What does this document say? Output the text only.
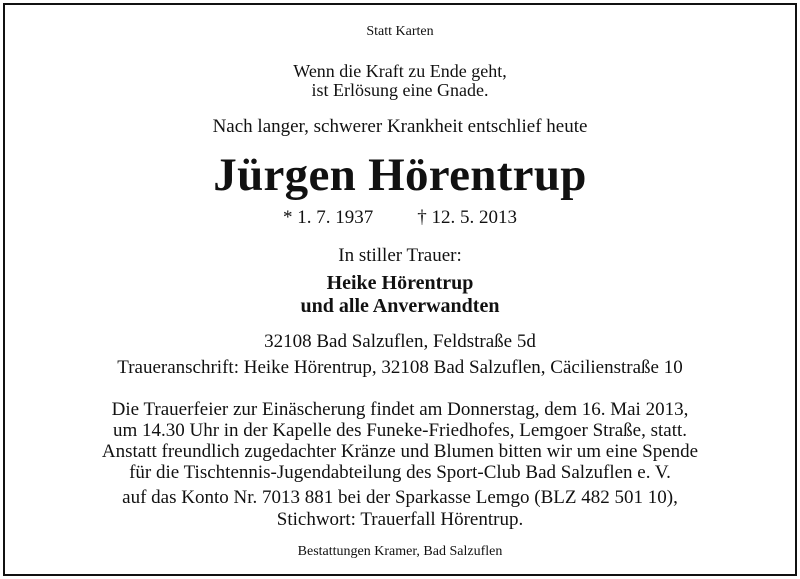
Statt Karten
Wenn die Kraft zu Ende geht,
ist Erlösung eine Gnade.
Nach langer, schwerer Krankheit entschlief heute
Jürgen Hörentrup
* 1. 7. 1937 † 12. 5. 2013
In stiller Trauer:
Heike Hörentrup
und alle Anverwandten
32108 Bad Salzuflen, Feldstraße 5d
Traueranschrift: Heike Hörentrup, 32108 Bad Salzuflen, Cäcilienstraße 10
Die Trauerfeier zur Einäscherung findet am Donnerstag, dem 16. Mai 2013,
um 14.30 Uhr in der Kapelle des Funeke-Friedhofes, Lemgoer Straße, statt.
Anstatt freundlich zugedachter Kränze und Blumen bitten wir um eine Spende
für die Tischtennis-Jugendabteilung des Sport-Club Bad Salzuflen e. V.
auf das Konto Nr. 7013 881 bei der Sparkasse Lemgo (BLZ 482 501 10),
Stichwort: Trauerfall Hörentrup.
Bestattungen Kramer, Bad Salzuflen
